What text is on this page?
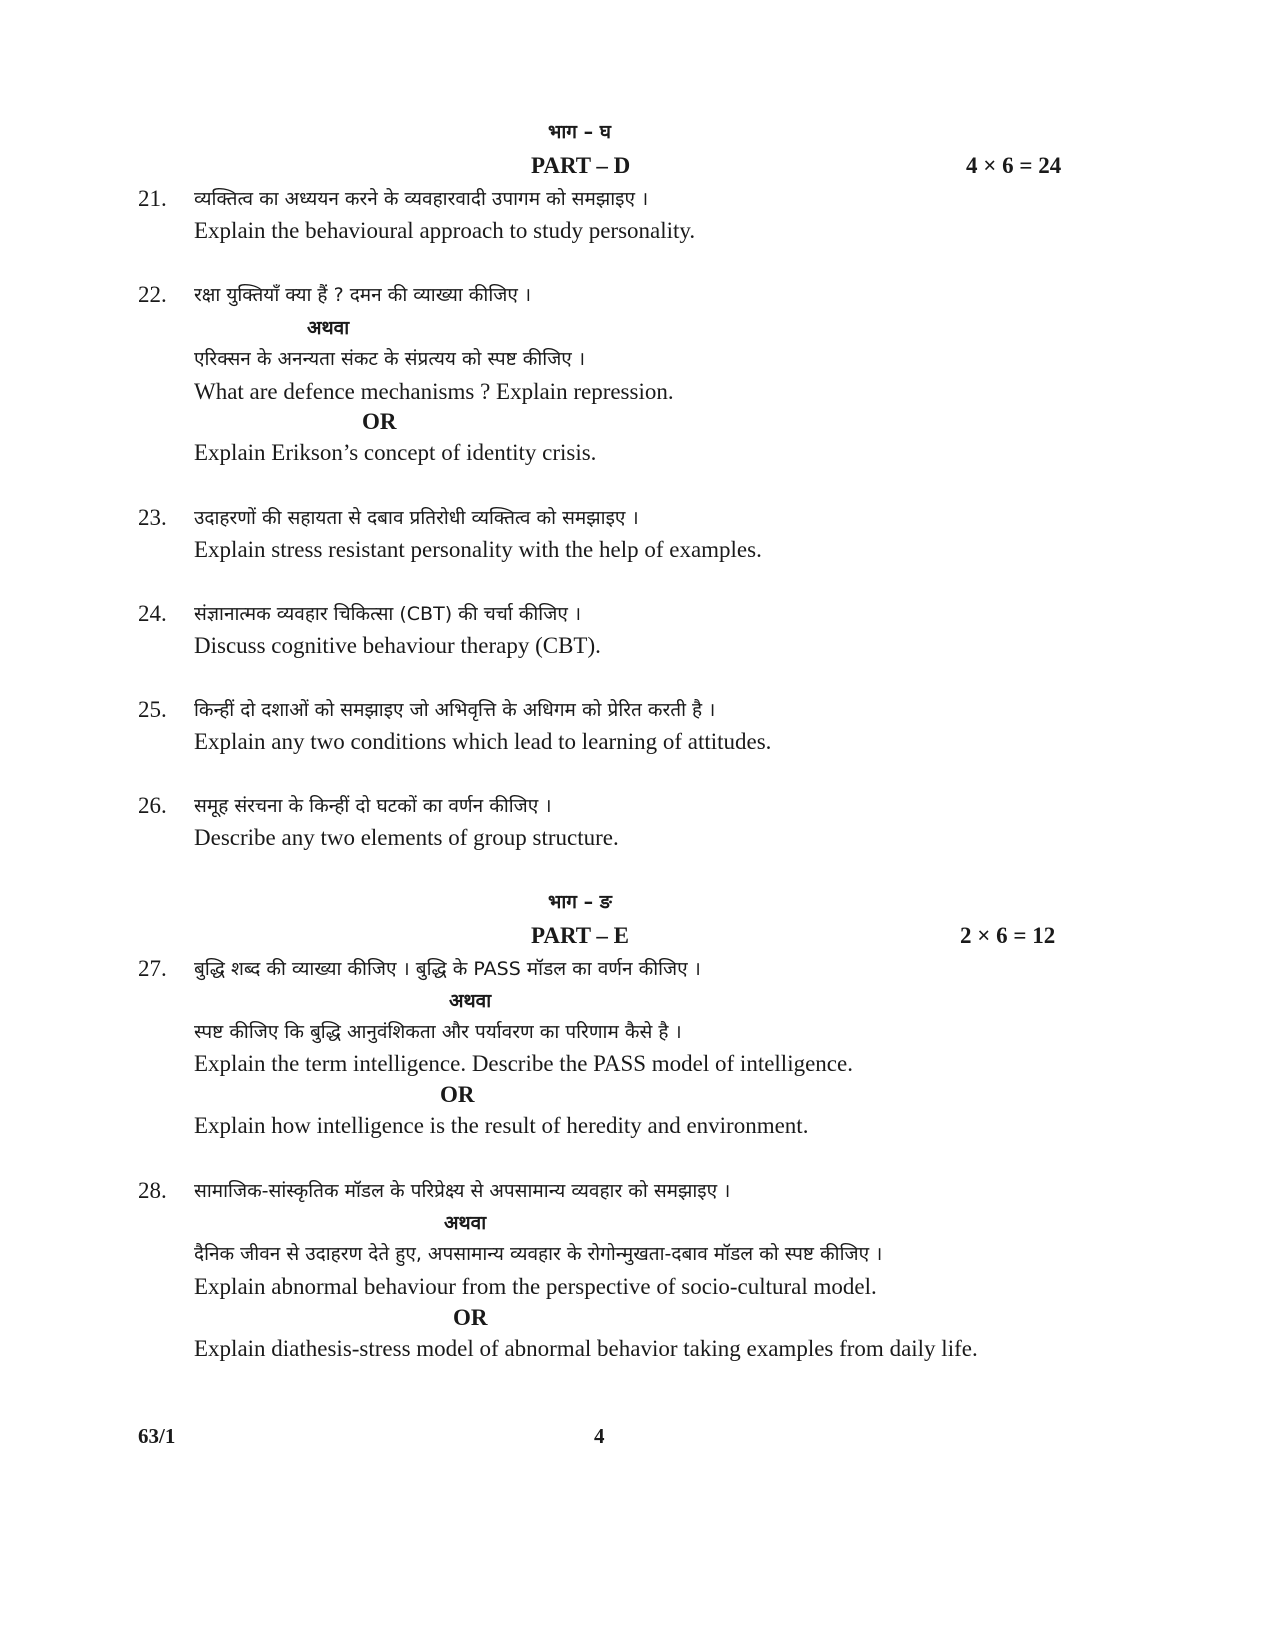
भाग – घ
PART – D	4 × 6 = 24
21. व्यक्तित्व का अध्ययन करने के व्यवहारवादी उपागम को समझाइए ।
Explain the behavioural approach to study personality.
22. रक्षा युक्तियाँ क्या हैं ? दमन की व्याख्या कीजिए ।
अथवा
एरिक्सन के अनन्यता संकट के संप्रत्यय को स्पष्ट कीजिए ।
What are defence mechanisms ? Explain repression.
OR
Explain Erikson’s concept of identity crisis.
23. उदाहरणों की सहायता से दबाव प्रतिरोधी व्यक्तित्व को समझाइए ।
Explain stress resistant personality with the help of examples.
24. संज्ञानात्मक व्यवहार चिकित्सा (CBT) की चर्चा कीजिए ।
Discuss cognitive behaviour therapy (CBT).
25. किन्हीं दो दशाओं को समझाइए जो अभिवृत्ति के अधिगम को प्रेरित करती है ।
Explain any two conditions which lead to learning of attitudes.
26. समूह संरचना के किन्हीं दो घटकों का वर्णन कीजिए ।
Describe any two elements of group structure.
भाग – ङ
PART – E	2 × 6 = 12
27. बुद्धि शब्द की व्याख्या कीजिए । बुद्धि के PASS मॉडल का वर्णन कीजिए ।
अथवा
स्पष्ट कीजिए कि बुद्धि आनुवंशिकता और पर्यावरण का परिणाम कैसे है ।
Explain the term intelligence. Describe the PASS model of intelligence.
OR
Explain how intelligence is the result of heredity and environment.
28. सामाजिक-सांस्कृतिक मॉडल के परिप्रेक्ष्य से अपसामान्य व्यवहार को समझाइए ।
अथवा
दैनिक जीवन से उदाहरण देते हुए, अपसामान्य व्यवहार के रोगोन्मुखता-दबाव मॉडल को स्पष्ट कीजिए ।
Explain abnormal behaviour from the perspective of socio-cultural model.
OR
Explain diathesis-stress model of abnormal behavior taking examples from daily life.
63/1	4
